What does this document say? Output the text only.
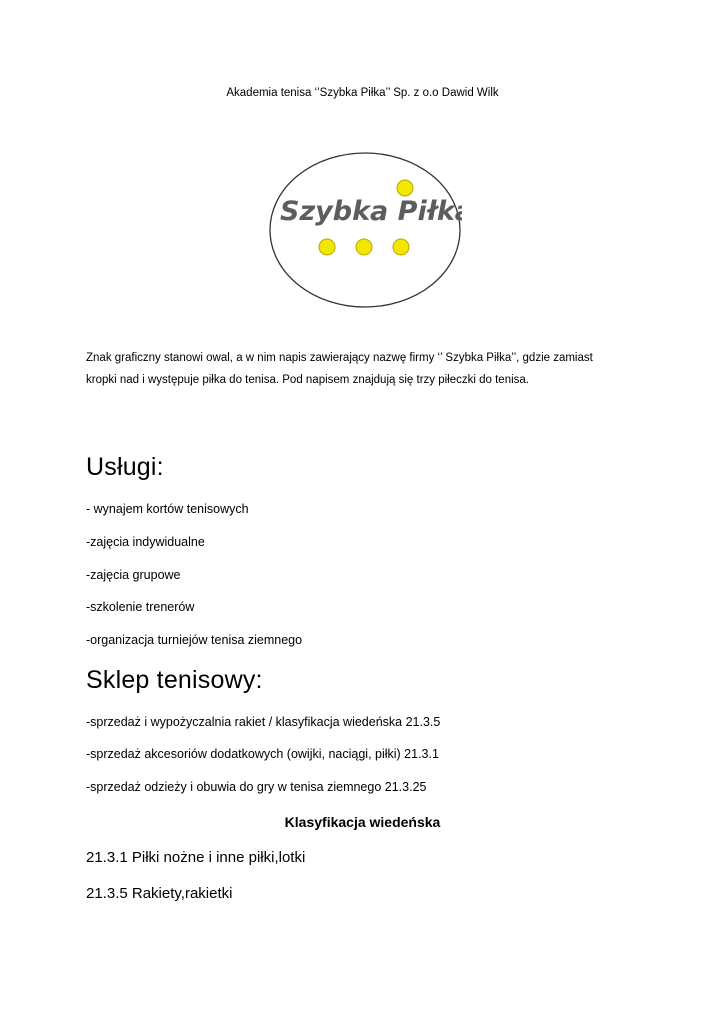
Akademia tenisa ‘’Szybka Piłka’’ Sp. z o.o Dawid Wilk
Szybka Piłka
Znak graficzny stanowi owal, a w nim napis zawierający nazwę firmy ‘’ Szybka Piłka’’, gdzie zamiast
kropki nad i występuje piłka do tenisa. Pod napisem znajdują się trzy piłeczki do tenisa.
Usługi:
- wynajem kortów tenisowych
-zajęcia indywidualne
-zajęcia grupowe
-szkolenie trenerów
-organizacja turniejów tenisa ziemnego
Sklep tenisowy:
-sprzedaż i wypożyczalnia rakiet / klasyfikacja wiedeńska 21.3.5
-sprzedaż akcesoriów dodatkowych (owijki, naciągi, piłki) 21.3.1
-sprzedaż odzieży i obuwia do gry w tenisa ziemnego 21.3.25
Klasyfikacja wiedeńska
21.3.1 Piłki nożne i inne piłki,lotki
21.3.5 Rakiety,rakietki
